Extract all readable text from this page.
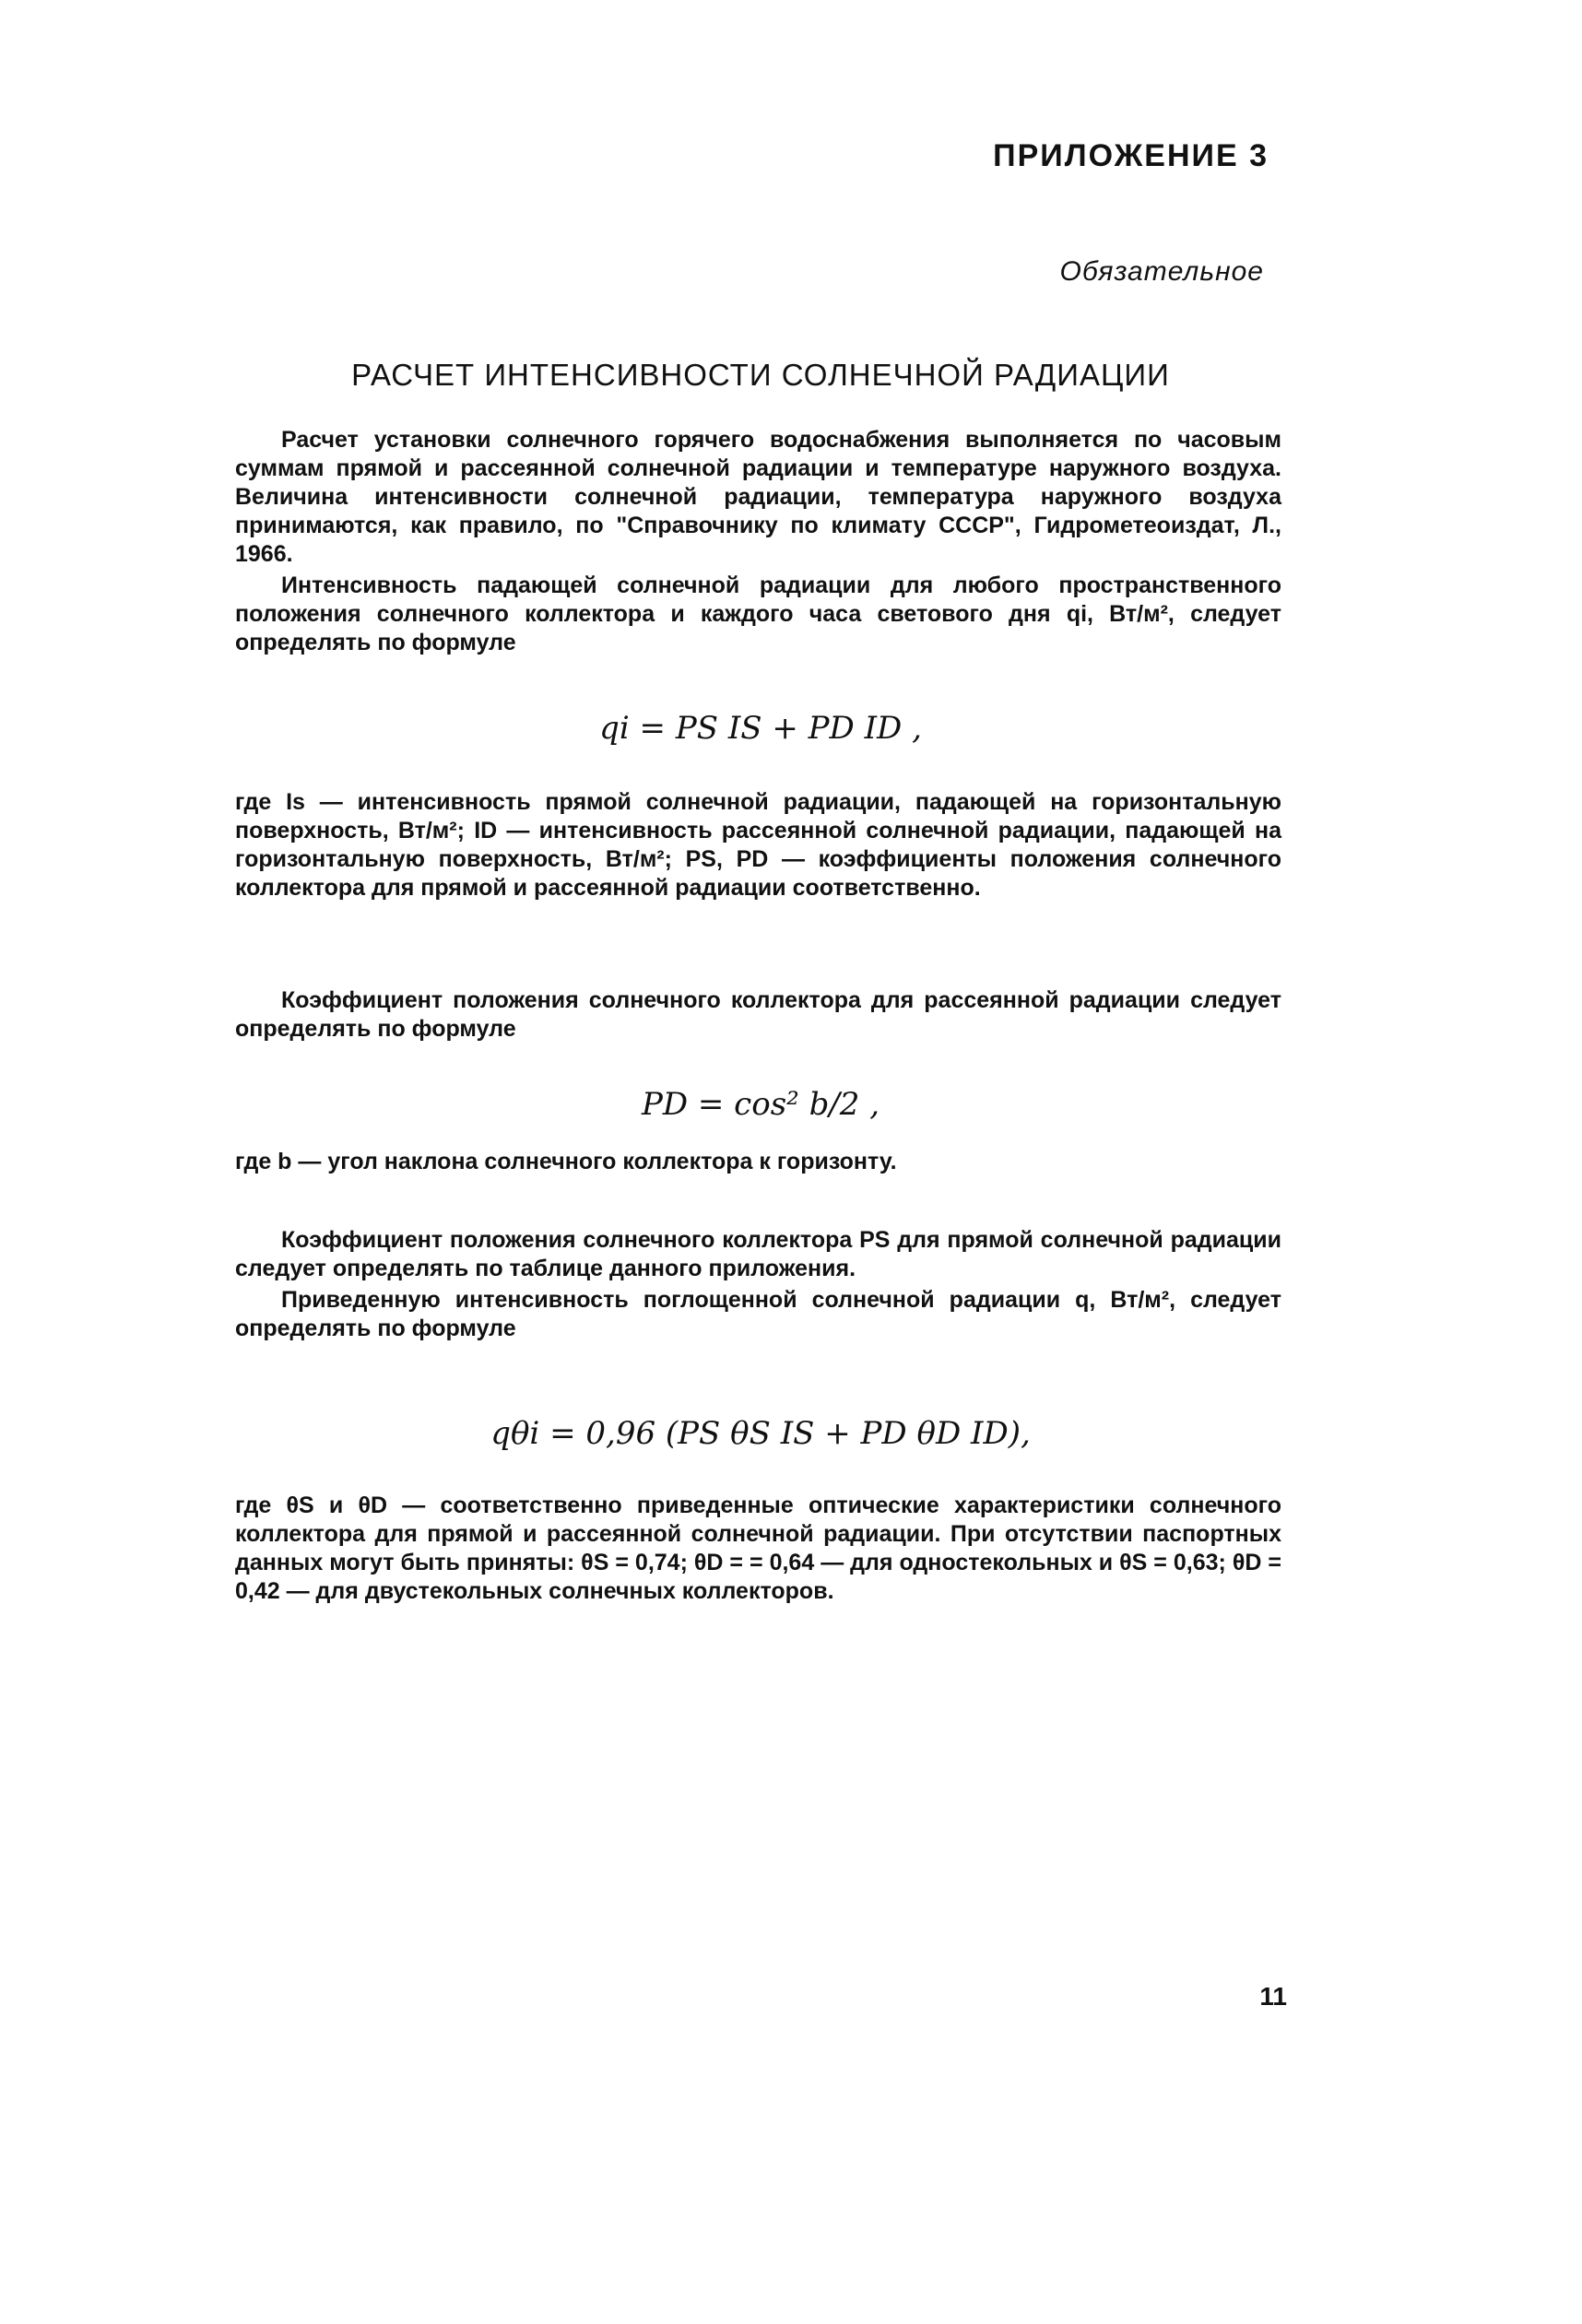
ПРИЛОЖЕНИЕ 3
Обязательное
РАСЧЕТ ИНТЕНСИВНОСТИ СОЛНЕЧНОЙ РАДИАЦИИ

Расчет установки солнечного горячего водоснабжения выполняется по часовым суммам прямой и рассеянной солнечной радиации и температуре наружного воздуха. Величина интенсивности солнечной радиации, температура наружного воздуха принимаются, как правило, по "Справочнику по климату СССР", Гидрометеоиздат, Л., 1966.

Интенсивность падающей солнечной радиации для любого пространственного положения солнечного коллектора и каждого часа светового дня qi, Вт/м², следует определять по формуле

qi = PS IS + PD ID ,

где Is — интенсивность прямой солнечной радиации, падающей на горизонтальную поверхность, Вт/м²; ID — интенсивность рассеянной солнечной радиации, падающей на горизонтальную поверхность, Вт/м²; PS, PD — коэффициенты положения солнечного коллектора для прямой и рассеянной радиации соответственно.

Коэффициент положения солнечного коллектора для рассеянной радиации следует определять по формуле

PD = cos² b/2 ,

где b — угол наклона солнечного коллектора к горизонту.

Коэффициент положения солнечного коллектора PS для прямой солнечной радиации следует определять по таблице данного приложения.

Приведенную интенсивность поглощенной солнечной радиации q, Вт/м², следует определять по формуле

qθi = 0,96 (PS θS IS + PD θD ID),

где θS и θD — соответственно приведенные оптические характеристики солнечного коллектора для прямой и рассеянной солнечной радиации. При отсутствии паспортных данных могут быть приняты: θS = 0,74; θD = = 0,64 — для одностекольных и θS = 0,63; θD = 0,42 — для двустекольных солнечных коллекторов.

11
